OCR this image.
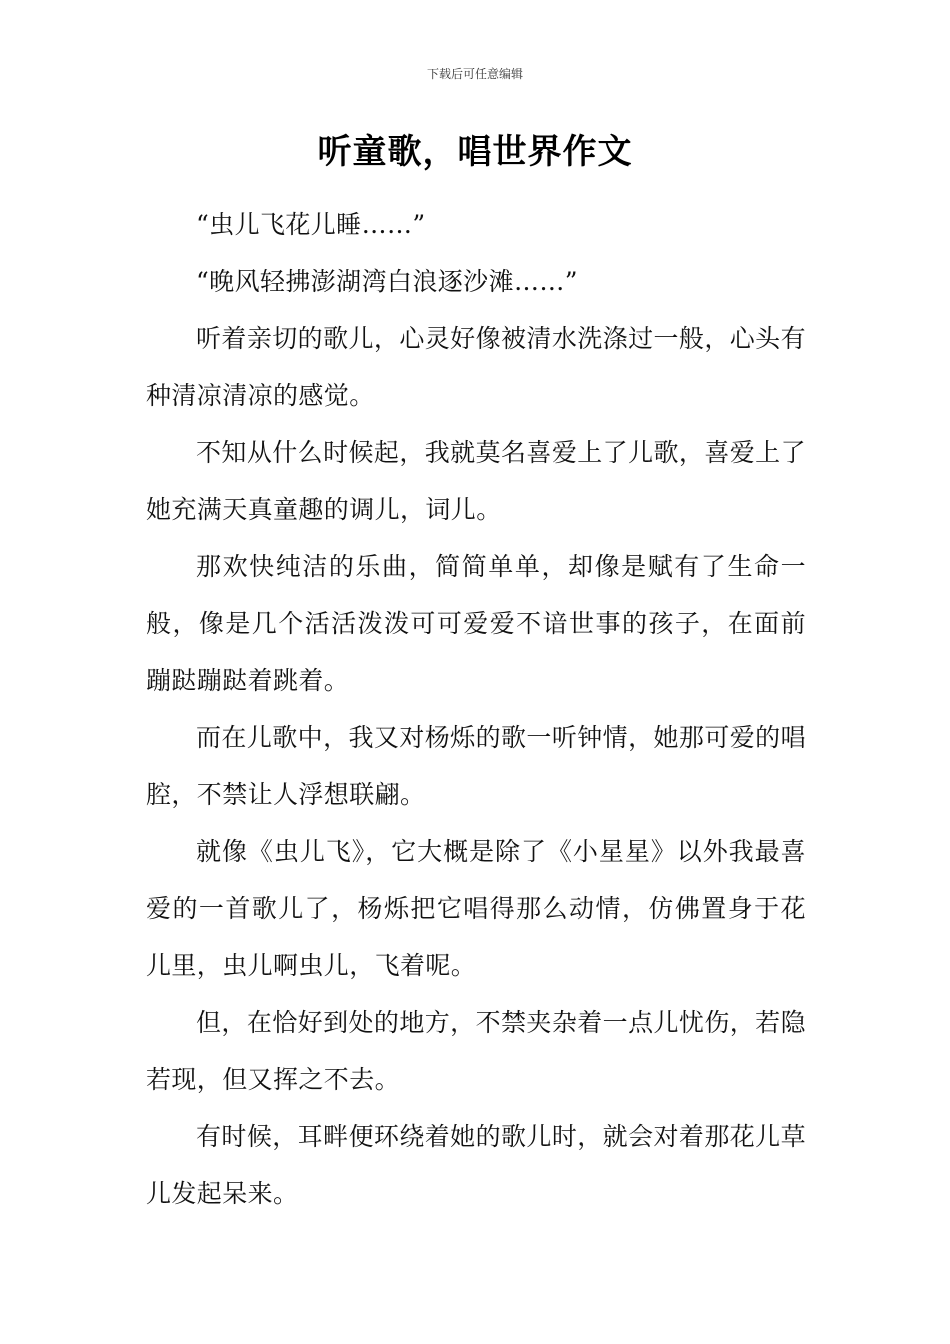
下载后可任意编辑
听童歌，唱世界作文

“虫儿飞花儿睡……”

“晚风轻拂澎湖湾白浪逐沙滩……”

听着亲切的歌儿，心灵好像被清水洗涤过一般，心头有种清凉清凉的感觉。

不知从什么时候起，我就莫名喜爱上了儿歌，喜爱上了她充满天真童趣的调儿，词儿。

那欢快纯洁的乐曲，简简单单，却像是赋有了生命一般，像是几个活活泼泼可可爱爱不谙世事的孩子，在面前蹦跶蹦跶着跳着。

而在儿歌中，我又对杨烁的歌一听钟情，她那可爱的唱腔，不禁让人浮想联翩。

就像《虫儿飞》，它大概是除了《小星星》以外我最喜爱的一首歌儿了，杨烁把它唱得那么动情，仿佛置身于花儿里，虫儿啊虫儿，飞着呢。

但，在恰好到处的地方，不禁夹杂着一点儿忧伤，若隐若现，但又挥之不去。

有时候，耳畔便环绕着她的歌儿时，就会对着那花儿草儿发起呆来。
